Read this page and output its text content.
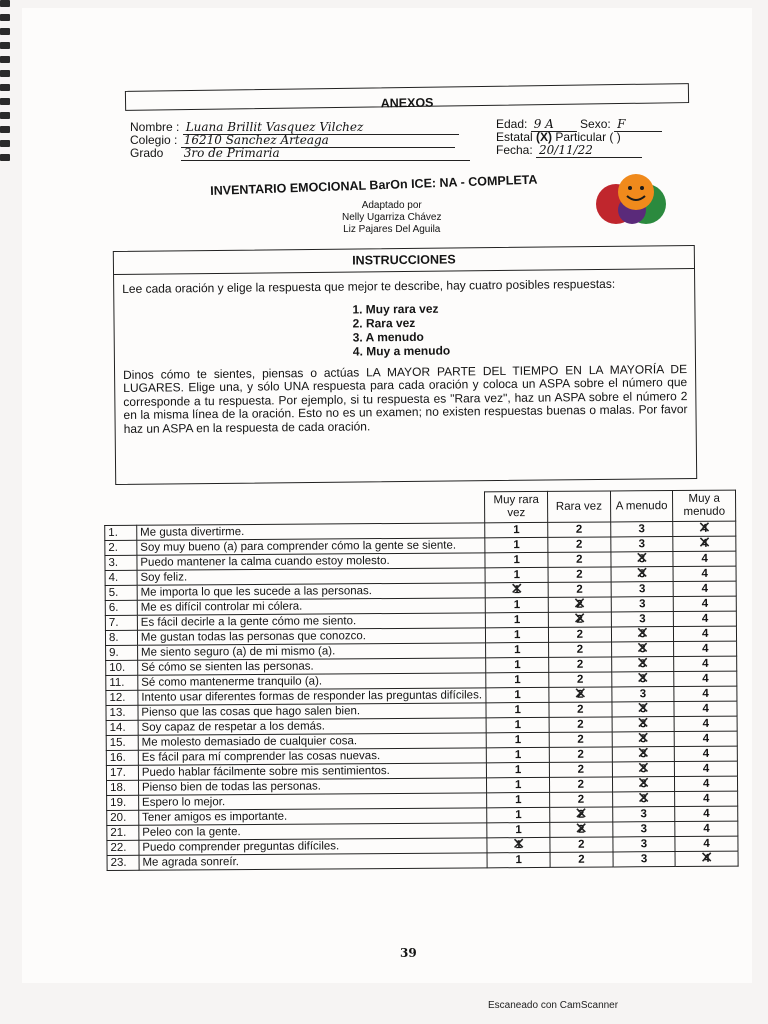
ANEXOS
Nombre : Luana Brillit Vasquez Vilchez
Colegio : 16210 Sanchez Arteaga
Grado 3ro de Primaria
Edad: 9 A Sexo: F
Estatal (X) Particular ( )
Fecha: 20/11/22
INVENTARIO EMOCIONAL BarOn ICE: NA - COMPLETA
Adaptado por
Nelly Ugarriza Chávez
Liz Pajares Del Aguila
INSTRUCCIONES

Lee cada oración y elige la respuesta que mejor te describe, hay cuatro posibles respuestas:

1. Muy rara vez
2. Rara vez
3. A menudo
4. Muy a menudo

Dinos cómo te sientes, piensas o actúas LA MAYOR PARTE DEL TIEMPO EN LA MAYORÍA DE LUGARES. Elige una, y sólo UNA respuesta para cada oración y coloca un ASPA sobre el número que corresponde a tu respuesta. Por ejemplo, si tu respuesta es "Rara vez", haz un ASPA sobre el número 2 en la misma línea de la oración. Esto no es un examen; no existen respuestas buenas o malas. Por favor haz un ASPA en la respuesta de cada oración.

		Muy rara vez	Rara vez	A menudo	Muy a menudo
1.	Me gusta divertirme.	1	2	3	4 ✕
2.	Soy muy bueno (a) para comprender cómo la gente se siente.	1	2	3	4 ✕
3.	Puedo mantener la calma cuando estoy molesto.	1	2	3 ✕	4
4.	Soy feliz.	1	2	3 ✕	4
5.	Me importa lo que les sucede a las personas.	1 ✕	2	3	4
6.	Me es difícil controlar mi cólera.	1	2 ✕	3	4
7.	Es fácil decirle a la gente cómo me siento.	1	2 ✕	3	4
8.	Me gustan todas las personas que conozco.	1	2	3 ✕	4
9.	Me siento seguro (a) de mi mismo (a).	1	2	3 ✕	4
10.	Sé cómo se sienten las personas.	1	2	3 ✕	4
11.	Sé como mantenerme tranquilo (a).	1	2	3 ✕	4
12.	Intento usar diferentes formas de responder las preguntas difíciles.	1	2 ✕	3	4
13.	Pienso que las cosas que hago salen bien.	1	2	3 ✕	4
14.	Soy capaz de respetar a los demás.	1	2	3 ✕	4
15.	Me molesto demasiado de cualquier cosa.	1	2	3 ✕	4
16.	Es fácil para mí comprender las cosas nuevas.	1	2	3 ✕	4
17.	Puedo hablar fácilmente sobre mis sentimientos.	1	2	3 ✕	4
18.	Pienso bien de todas las personas.	1	2	3 ✕	4
19.	Espero lo mejor.	1	2	3 ✕	4
20.	Tener amigos es importante.	1	2 ✕	3	4
21.	Peleo con la gente.	1	2 ✕	3	4
22.	Puedo comprender preguntas difíciles.	1 ✕	2	3	4
23.	Me agrada sonreír.	1	2	3	4 ✕
39
Escaneado con CamScanner
